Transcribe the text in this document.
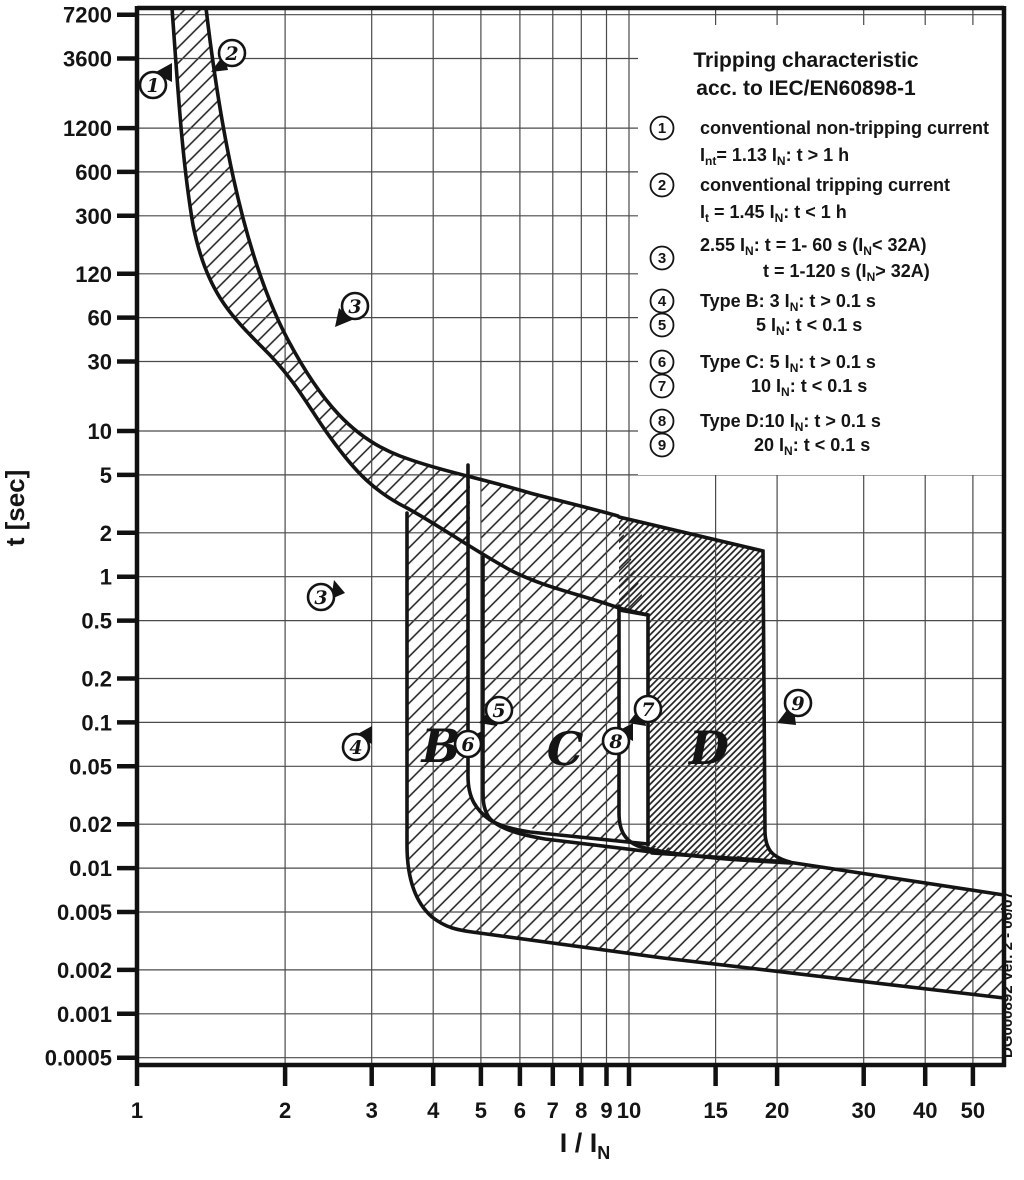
7200
3600
1200
600
300
120
60
30
10
5
2
1
0.5
0.2
0.1
0.05
0.02
0.01
0.005
0.002
0.001
0.0005
1	2	3 4 5 6 7 8 9 10	15 20	30 40 50
t [sec]
I / $I_N$
Tripping characteristic
acc. to IEC/EN60898-1
1 conventional non-tripping current
$I_{nt}= 1.13$ $I_N$: t > 1 h
2 conventional tripping current
$I_t = 1.45$ $I_N$: t < 1 h
3
2.55 $I_N$: t = 1- 60 s $(I_N< 32A)$
t = 1-120 s $(I_N> 32A)$
4 Type B: 3 $I_N$: t > 0.1 s
5	5 $I_N$: t < 0.1 s
6 Type C: 5 $I_N$: t > 0.1 s
7	10 $I_N$: t < 0.1 s
8 Type D:10 $I_N$: t > 0.1 s
9	20 $I_N$: t < 0.1 s
1
2
3
3
4
5
6
7
8
9
B C D
DG000892 Ver. 2 - 06/07
